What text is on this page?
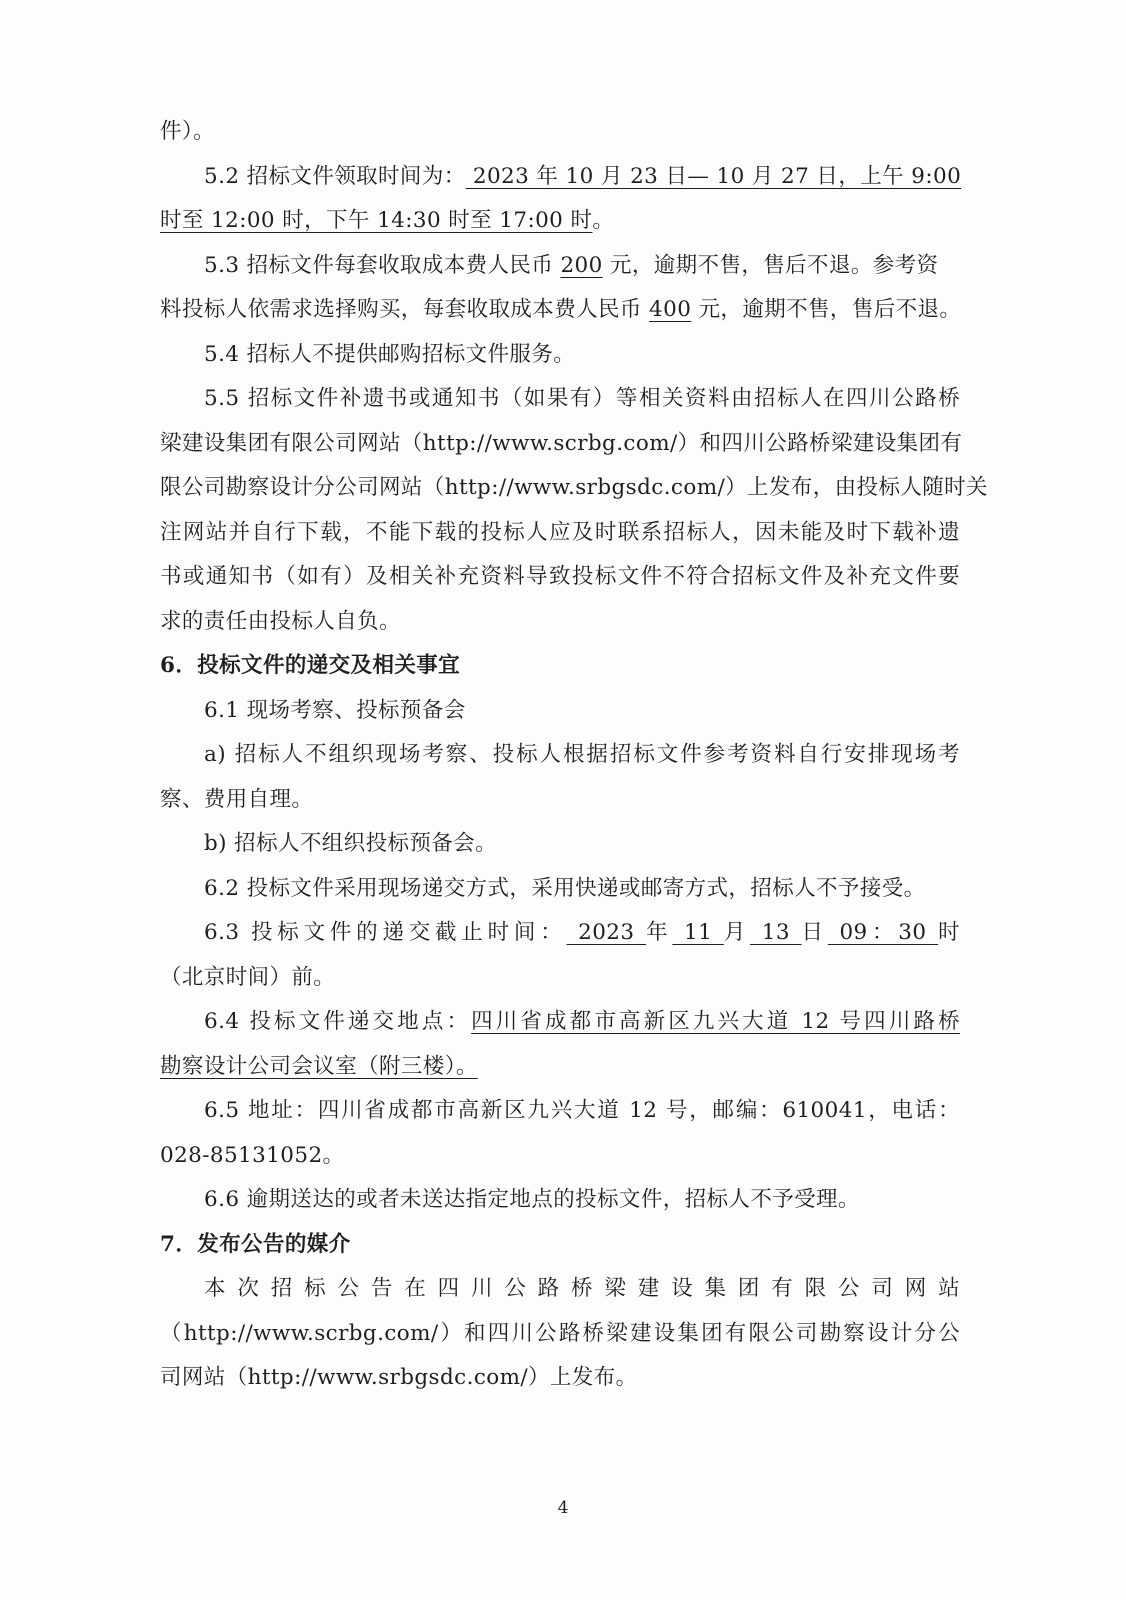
件）。
5.2 招标文件领取时间为： 2023 年 10 月 23 日— 10 月 27 日，上午 9:00
时至 12:00 时，下午 14:30 时至 17:00 时。
5.3 招标文件每套收取成本费人民币 200 元，逾期不售，售后不退。参考资
料投标人依需求选择购买，每套收取成本费人民币 400 元，逾期不售，售后不退。
5.4 招标人不提供邮购招标文件服务。
5.5 招标文件补遗书或通知书（如果有）等相关资料由招标人在四川公路桥
梁建设集团有限公司网站（http://www.scrbg.com/）和四川公路桥梁建设集团有
限公司勘察设计分公司网站（http://www.srbgsdc.com/）上发布，由投标人随时关
注网站并自行下载，不能下载的投标人应及时联系招标人，因未能及时下载补遗
书或通知书（如有）及相关补充资料导致投标文件不符合招标文件及补充文件要
求的责任由投标人自负。
6．投标文件的递交及相关事宜
6.1 现场考察、投标预备会
a) 招标人不组织现场考察、投标人根据招标文件参考资料自行安排现场考
察、费用自理。
b) 招标人不组织投标预备会。
6.2 投标文件采用现场递交方式，采用快递或邮寄方式，招标人不予接受。
6.3 投标文件的递交截止时间： 2023 年 11 月 13 日 09：30 时
（北京时间）前。
6.4 投标文件递交地点：四川省成都市高新区九兴大道 12 号四川路桥
勘察设计公司会议室（附三楼）。
6.5 地址：四川省成都市高新区九兴大道 12 号，邮编：610041，电话：
028-85131052。
6.6 逾期送达的或者未送达指定地点的投标文件，招标人不予受理。
7．发布公告的媒介
本次招标公告在四川公路桥梁建设集团有限公司网站
（http://www.scrbg.com/）和四川公路桥梁建设集团有限公司勘察设计分公
司网站（http://www.srbgsdc.com/）上发布。
4
